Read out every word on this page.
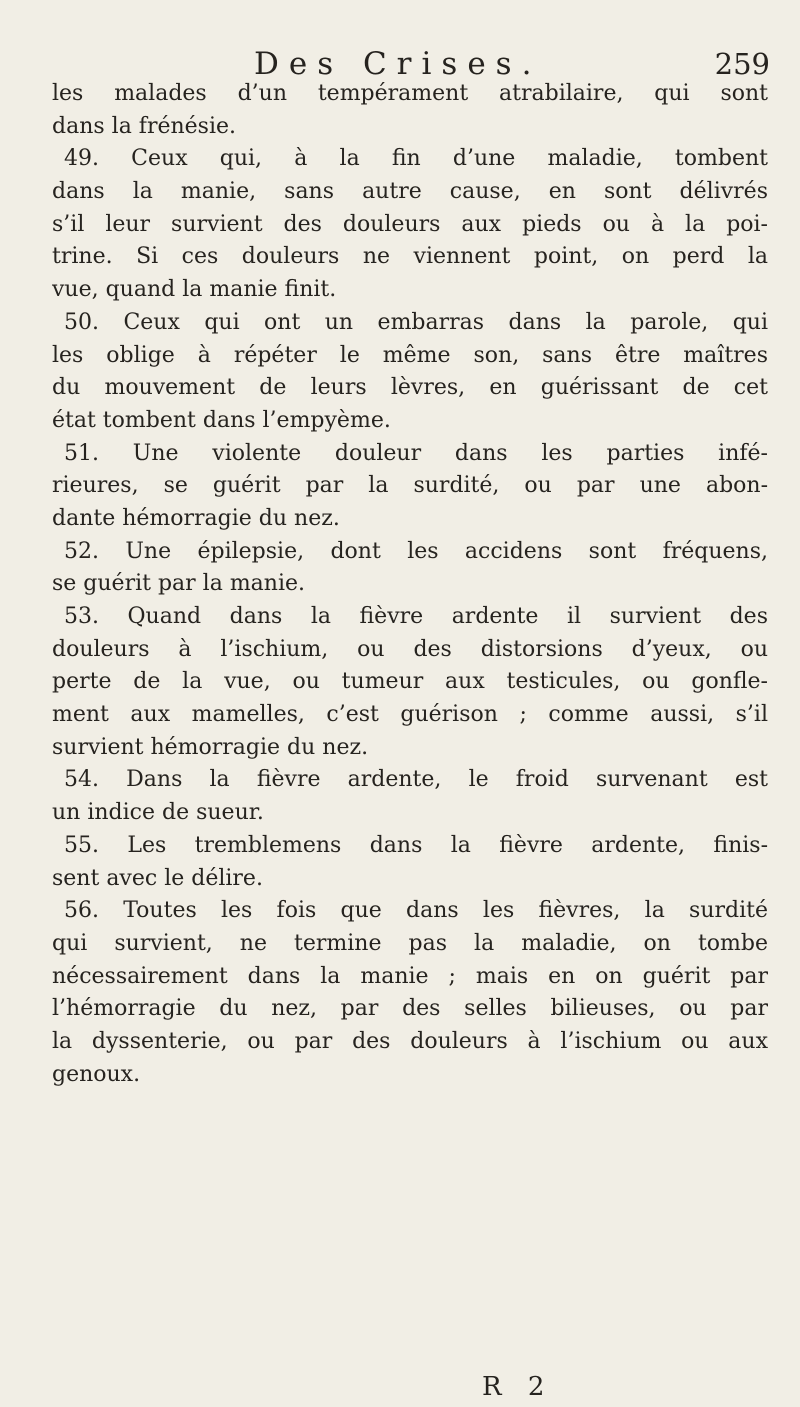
Des Crises.	259
les malades d’un tempérament atrabilaire, qui sont
dans la frénésie.
49. Ceux qui, à la fin d’une maladie, tombent
dans la manie, sans autre cause, en sont délivrés
s’il leur survient des douleurs aux pieds ou à la poi-
trine. Si ces douleurs ne viennent point, on perd la
vue, quand la manie finit.
50. Ceux qui ont un embarras dans la parole, qui
les oblige à répéter le même son, sans être maîtres
du mouvement de leurs lèvres, en guérissant de cet
état tombent dans l’empyème.
51. Une violente douleur dans les parties infé-
rieures, se guérit par la surdité, ou par une abon-
dante hémorragie du nez.
52. Une épilepsie, dont les accidens sont fréquens,
se guérit par la manie.
53. Quand dans la fièvre ardente il survient des
douleurs à l’ischium, ou des distorsions d’yeux, ou
perte de la vue, ou tumeur aux testicules, ou gonfle-
ment aux mamelles, c’est guérison ; comme aussi, s’il
survient hémorragie du nez.
54. Dans la fièvre ardente, le froid survenant est
un indice de sueur.
55. Les tremblemens dans la fièvre ardente, finis-
sent avec le délire.
56. Toutes les fois que dans les fièvres, la surdité
qui survient, ne termine pas la maladie, on tombe
nécessairement dans la manie ; mais en on guérit par
l’hémorragie du nez, par des selles bilieuses, ou par
la dyssenterie, ou par des douleurs à l’ischium ou aux
genoux.
R 2
